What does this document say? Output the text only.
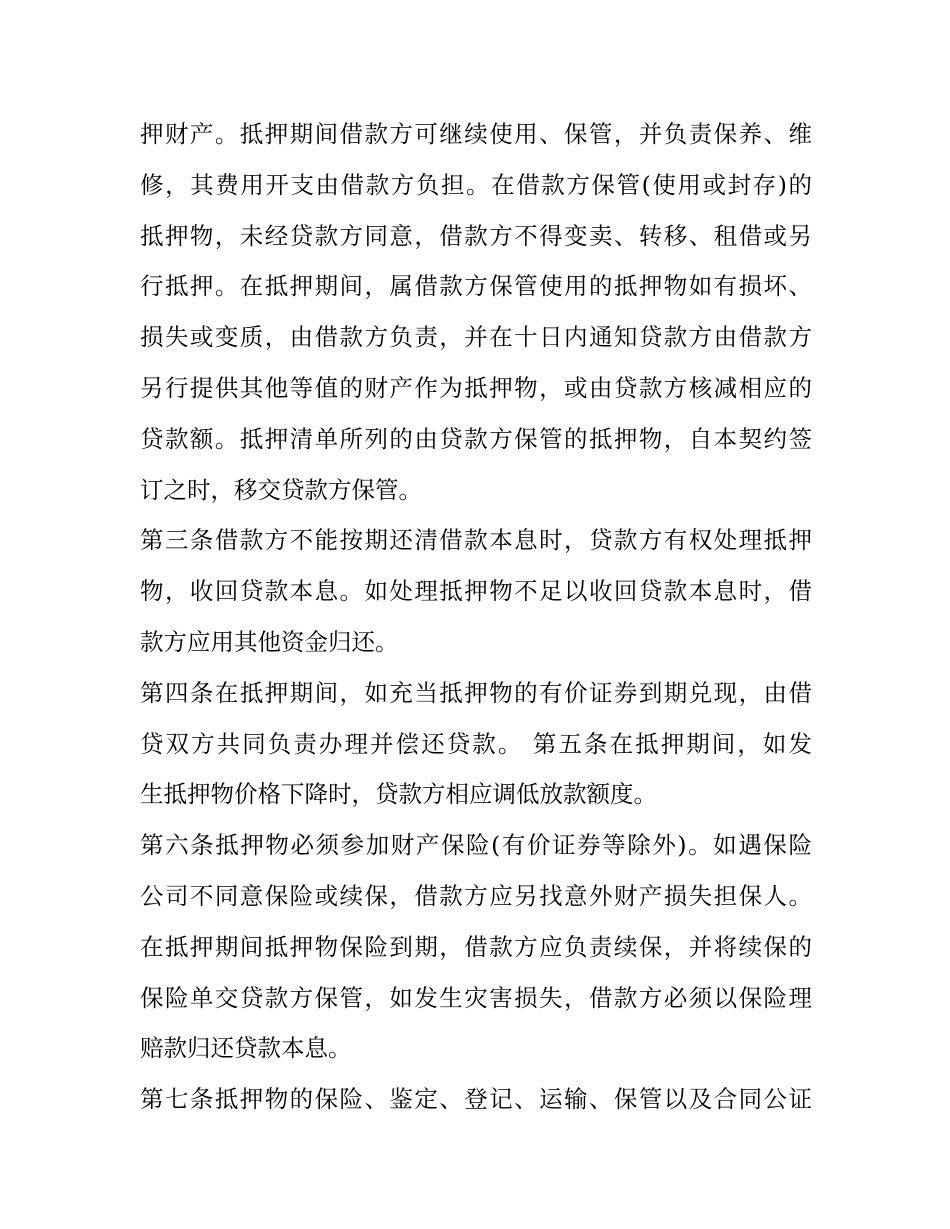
押财产。抵押期间借款方可继续使用、保管，并负责保养、维
修，其费用开支由借款方负担。在借款方保管(使用或封存)的
抵押物，未经贷款方同意，借款方不得变卖、转移、租借或另
行抵押。在抵押期间，属借款方保管使用的抵押物如有损坏、
损失或变质，由借款方负责，并在十日内通知贷款方由借款方
另行提供其他等值的财产作为抵押物，或由贷款方核减相应的
贷款额。抵押清单所列的由贷款方保管的抵押物，自本契约签
订之时，移交贷款方保管。
第三条借款方不能按期还清借款本息时，贷款方有权处理抵押
物，收回贷款本息。如处理抵押物不足以收回贷款本息时，借
款方应用其他资金归还。
第四条在抵押期间，如充当抵押物的有价证券到期兑现，由借
贷双方共同负责办理并偿还贷款。 第五条在抵押期间，如发
生抵押物价格下降时，贷款方相应调低放款额度。
第六条抵押物必须参加财产保险(有价证券等除外)。如遇保险
公司不同意保险或续保，借款方应另找意外财产损失担保人。
在抵押期间抵押物保险到期，借款方应负责续保，并将续保的
保险单交贷款方保管，如发生灾害损失，借款方必须以保险理
赔款归还贷款本息。
第七条抵押物的保险、鉴定、登记、运输、保管以及合同公证
